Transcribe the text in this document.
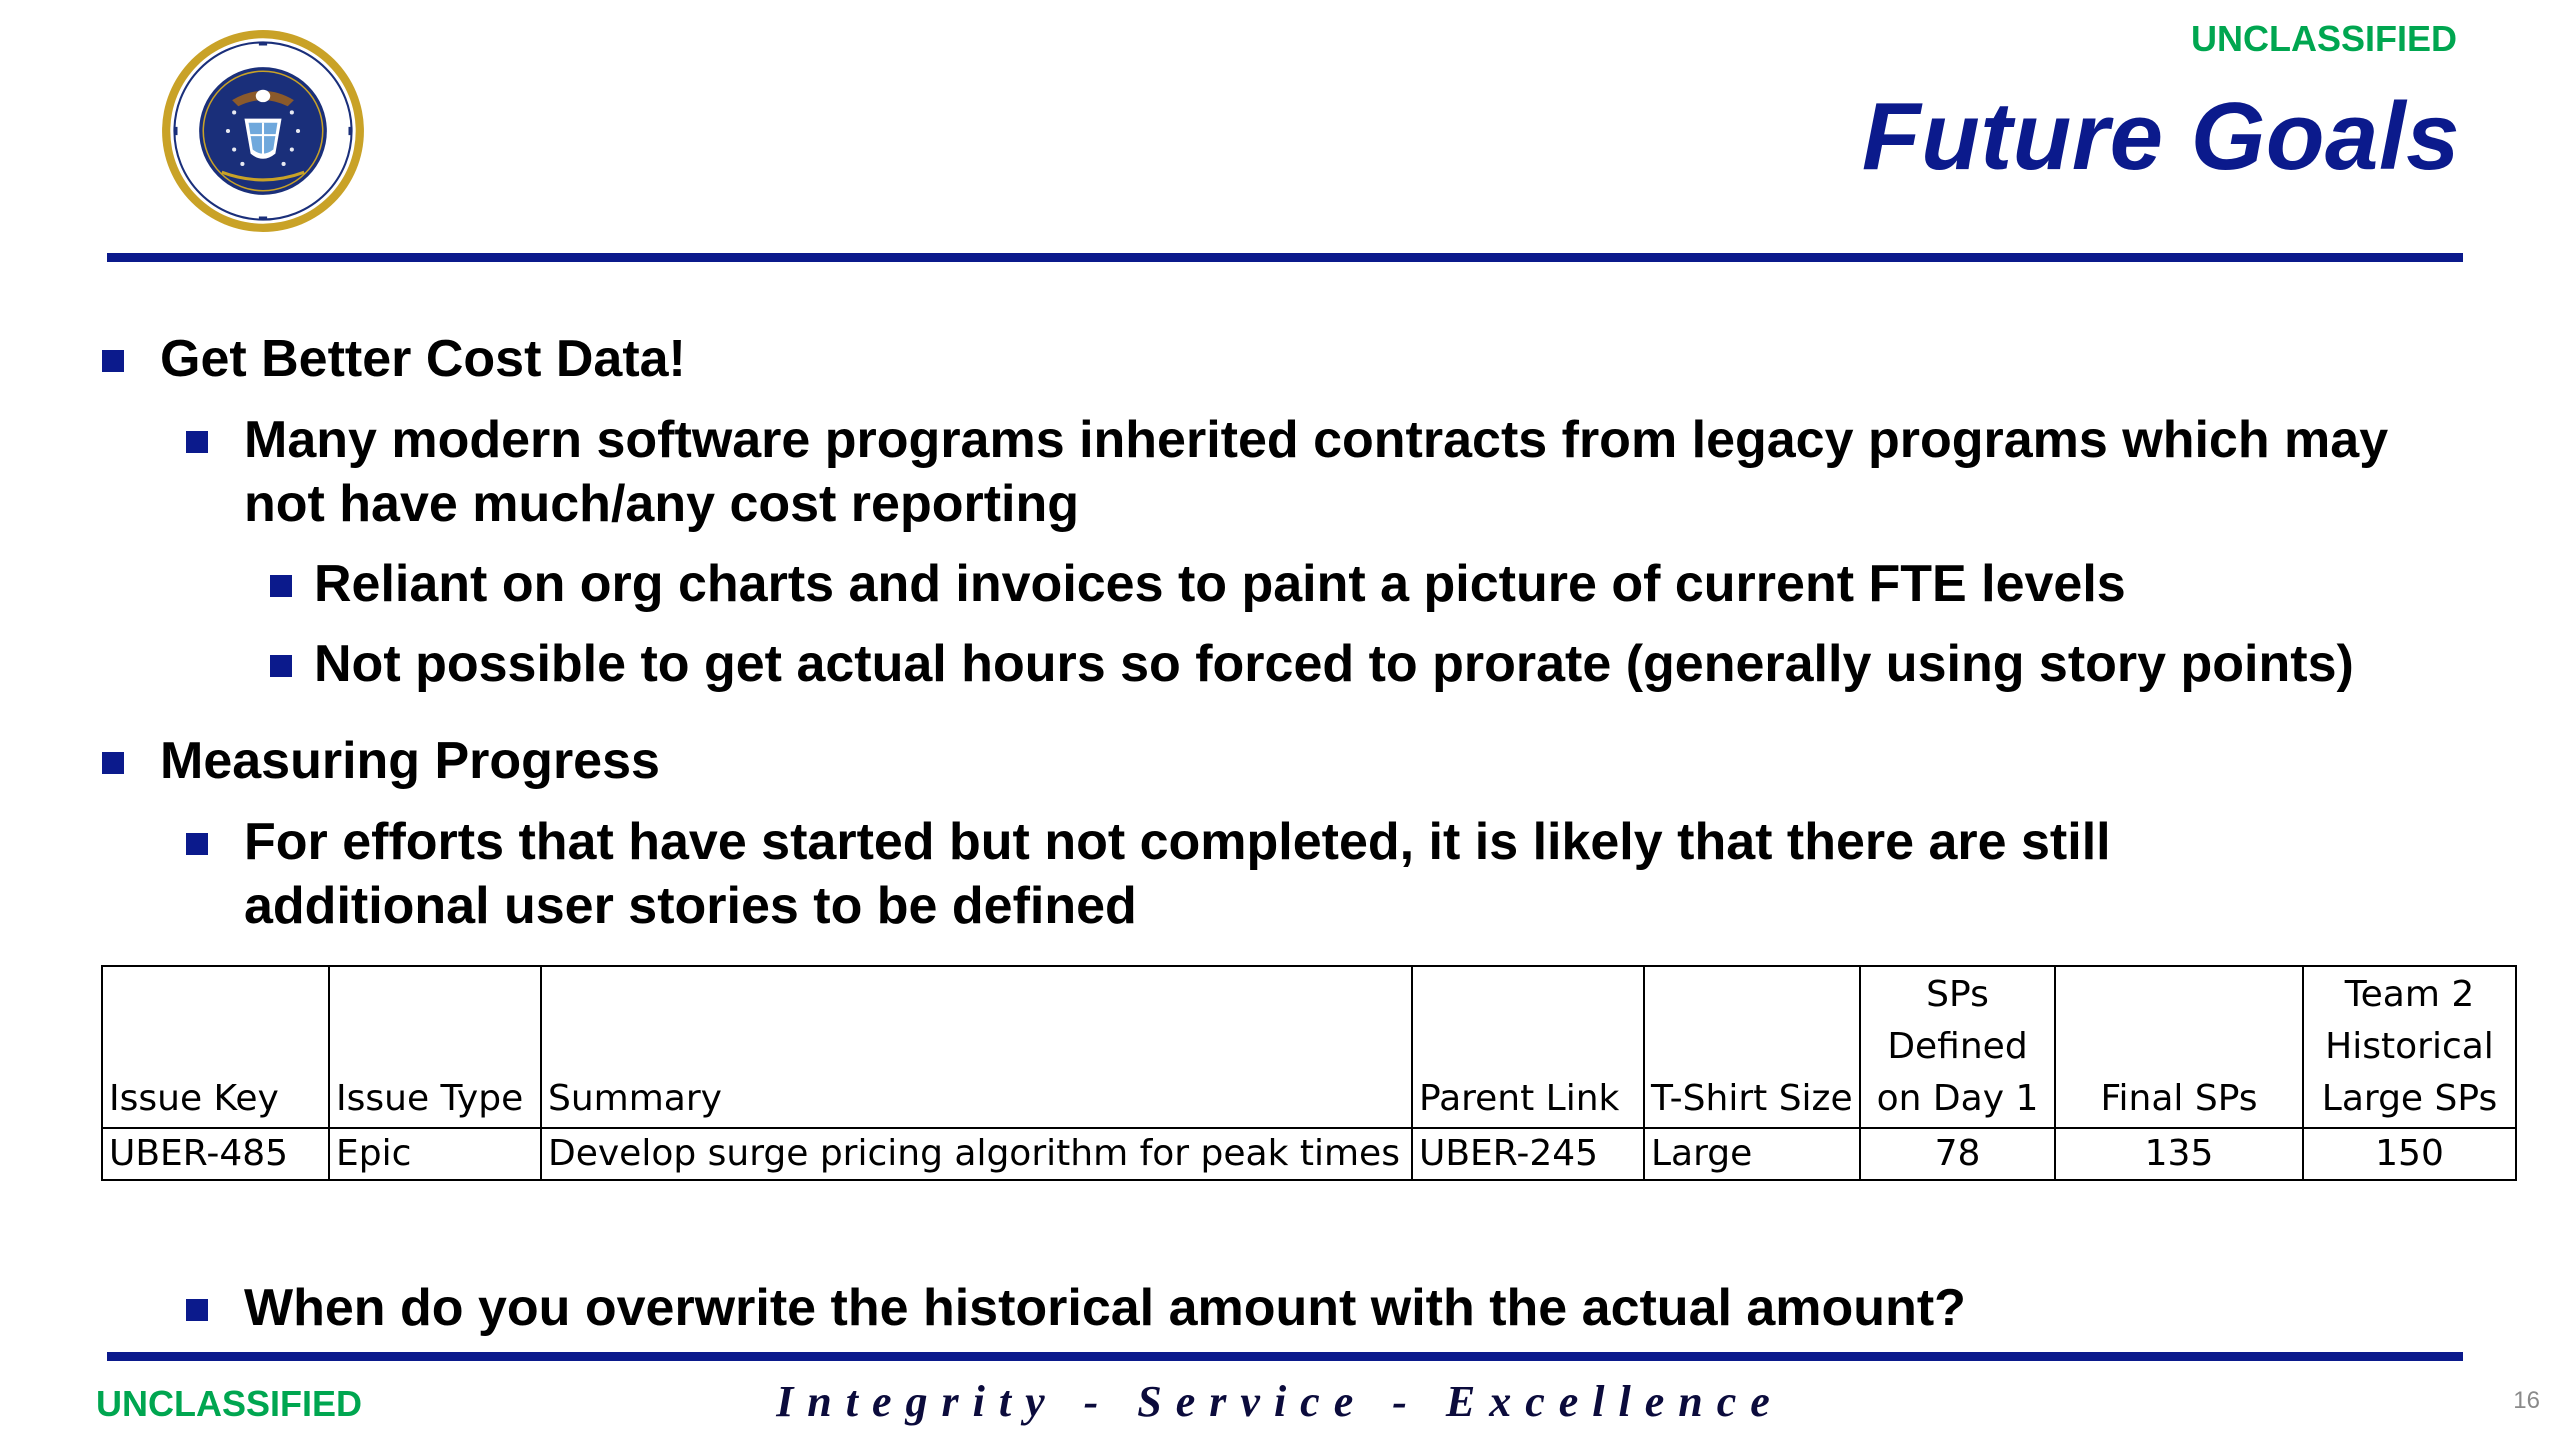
UNCLASSIFIED
Future Goals
Get Better Cost Data!
Many modern software programs inherited contracts from legacy programs which may not have much/any cost reporting
Reliant on org charts and invoices to paint a picture of current FTE levels
Not possible to get actual hours so forced to prorate (generally using story points)
Measuring Progress
For efforts that have started but not completed, it is likely that there are still additional user stories to be defined
When do you overwrite the historical amount with the actual amount?
Issue Key	Issue Type	Summary	Parent Link	T-Shirt Size	SPs Defined on Day 1	Final SPs	Team 2 Historical Large SPs
UBER-485	Epic	Develop surge pricing algorithm for peak times	UBER-245	Large	78	135	150
UNCLASSIFIED	Integrity - Service - Excellence	16
